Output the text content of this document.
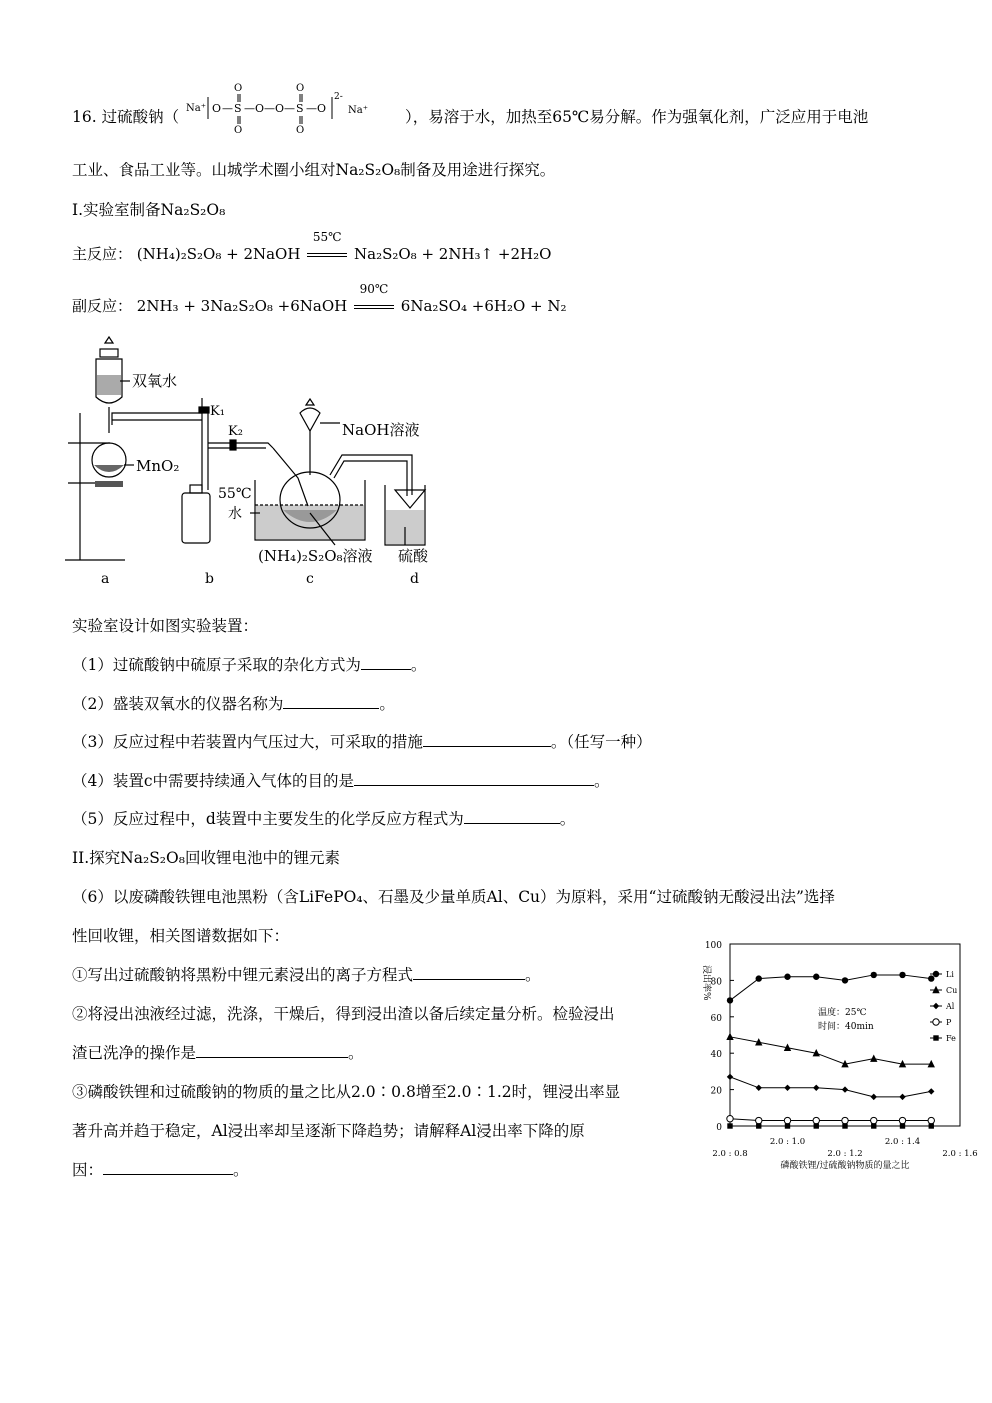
16. 过硫酸钠（ Na⁺ O — S
O
O
—O—O— S
O
O
—O
2-
Na⁺ ），易溶于水，加热至65℃易分解。作为强氧化剂，广泛应用于电池
工业、食品工业等。山城学术圈小组对Na₂S₂O₈制备及用途进行探究。
I.实验室制备Na₂S₂O₈
主反应： (NH₄)₂S₂O₈ + 2NaOH
55℃
Na₂S₂O₈ + 2NH₃↑ +2H₂O
副反应： 2NH₃ + 3Na₂S₂O₈ +6NaOH
90℃
6Na₂SO₄ +6H₂O + N₂
双氧水
MnO₂
K₁
K₂	NaOH溶液
55℃
水
(NH₄)₂S₂O₈溶液 硫酸
a	b	c	d
实验室设计如图实验装置：
（1）过硫酸钠中硫原子采取的杂化方式为	。
（2）盛装双氧水的仪器名称为	。
（3）反应过程中若装置内气压过大，可采取的措施	。（任写一种）
（4）装置c中需要持续通入气体的目的是	。
（5）反应过程中，d装置中主要发生的化学反应方程式为	。
II.探究Na₂S₂O₈回收锂电池中的锂元素
（6）以废磷酸铁锂电池黑粉（含LiFePO₄、石墨及少量单质Al、Cu）为原料，采用“过硫酸钠无酸浸出法”选择
性回收锂，相关图谱数据如下：
①写出过硫酸钠将黑粉中锂元素浸出的离子方程式	。
②将浸出浊液经过滤，洗涤，干燥后，得到浸出渣以备后续定量分析。检验浸出
渣已洗净的操作是	。
③磷酸铁锂和过硫酸钠的物质的量之比从2.0∶0.8增至2.0∶1.2时，锂浸出率显
著升高并趋于稳定，Al浸出率却呈逐渐下降趋势；请解释Al浸出率下降的原
因：	。
0
20
40
60
80
100
2.0 : 0.8
2.0 : 1.0
2.0 : 1.2
2.0 : 1.4
2.0 : 1.6
磷酸铁锂/过硫酸钠物质的量之比
浸出率%
温度：25℃
时间：40min
Li
Cu
Al
P
Fe
